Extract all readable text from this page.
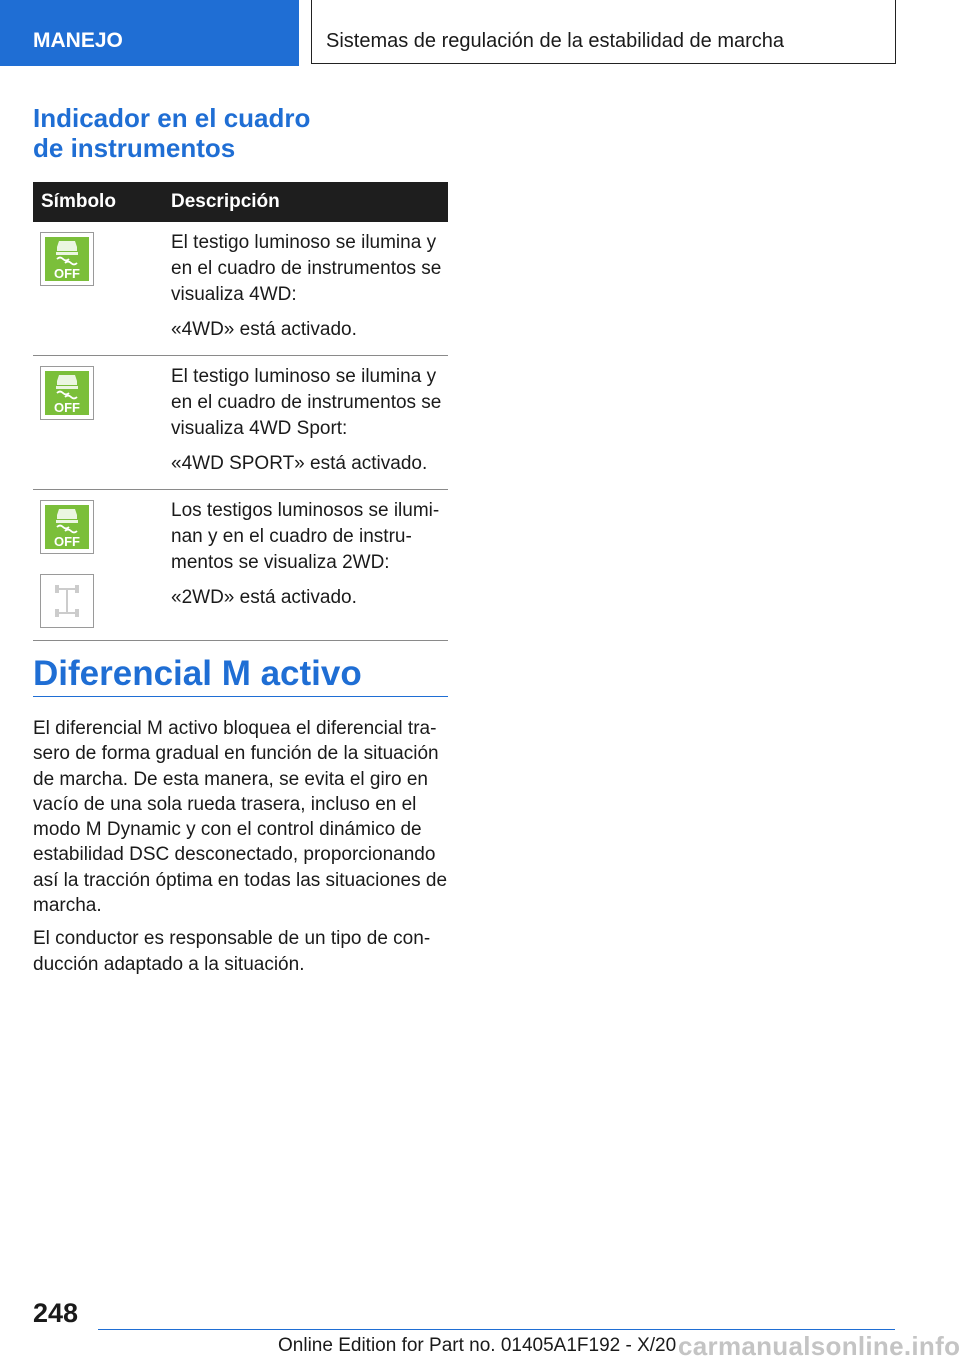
MANEJO	Sistemas de regulación de la estabilidad de marcha
Indicador en el cuadro
de instrumentos
Símbolo	Descripción

OFF	El testigo luminoso se ilumina y en el cuadro de instrumentos se visualiza 4WD:

«4WD» está activado.

OFF	El testigo luminoso se ilumina y en el cuadro de instrumentos se visualiza 4WD Sport:

«4WD SPORT» está activado.

OFF	Los testigos luminosos se ilumi-nan y en el cuadro de instru-mentos se visualiza 2WD:

«2WD» está activado.

Diferencial M activo

El diferencial M activo bloquea el diferencial tra-sero de forma gradual en función de la situación de marcha. De esta manera, se evita el giro en vacío de una sola rueda trasera, incluso en el modo M Dynamic y con el control dinámico de estabilidad DSC desconectado, proporcionando así la tracción óptima en todas las situaciones de marcha.

El conductor es responsable de un tipo de con-ducción adaptado a la situación.

248
Online Edition for Part no. 01405A1F192 - X/20 carmanualsonline.info
